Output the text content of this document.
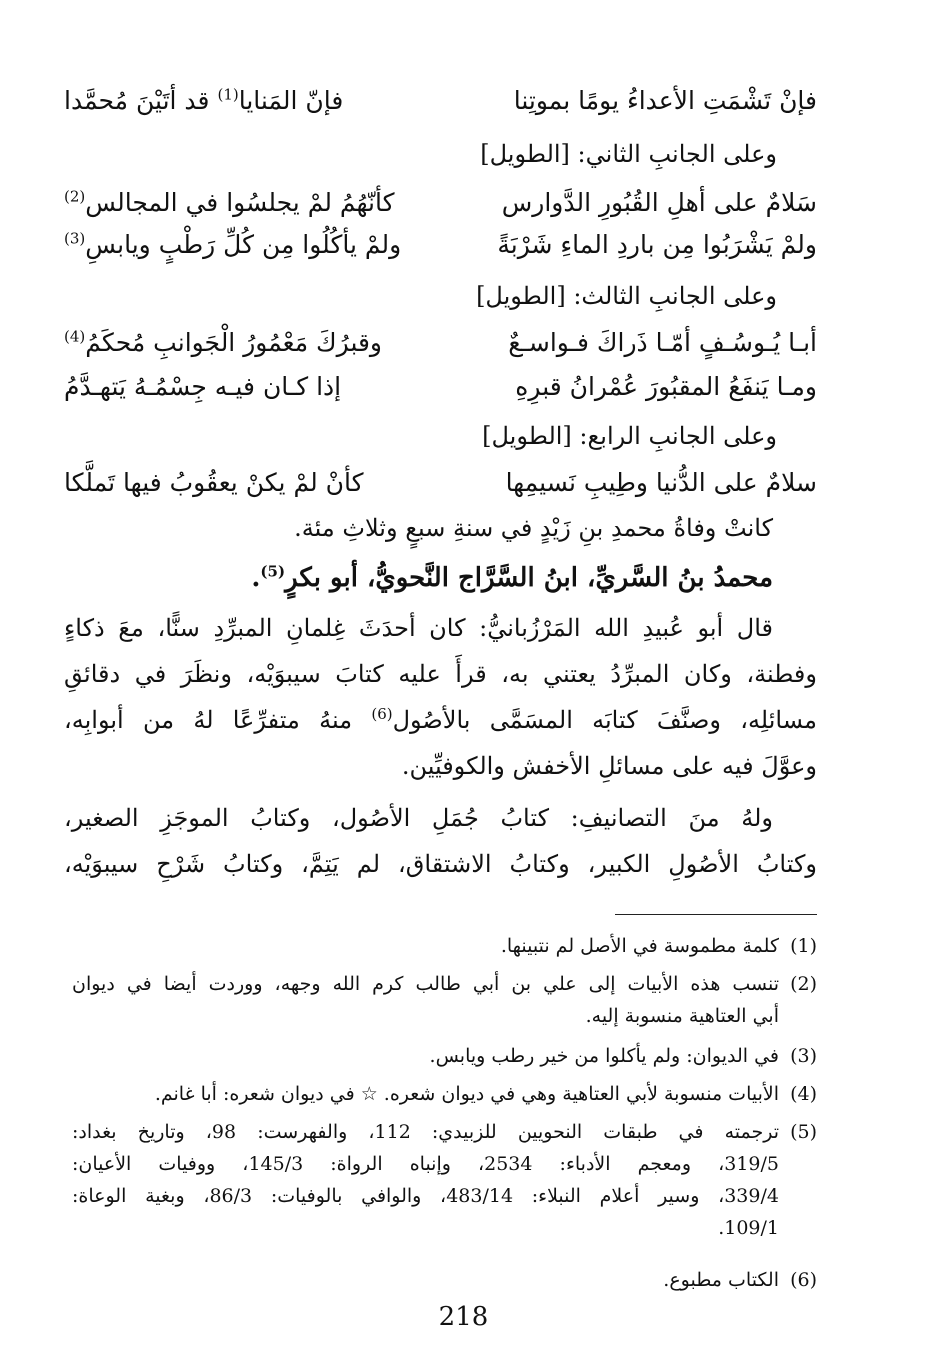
فإنْ تَشْمَتِ الأعداءُ يومًا بموتِنا
فإنّ المَنايا$^{(1)}$ قد أتَيْنَ مُحمَّدا
وعلى الجانبِ الثاني: [الطويل]
سَلامٌ على أهلِ القُبُورِ الدَّوارس
كأنّهُمُ لمْ يجلسُوا في المجالس$^{(2)}$
ولمْ يَشْرَبُوا مِن باردِ الماءِ شَرْبَةً
ولمْ يأكُلُوا مِن كُلِّ رَطْبٍ ويابسِ$^{(3)}$
وعلى الجانبِ الثالث: [الطويل]
أبـا يُـوسُـفٍ أمّـا ذَراكَ فـواسـعٌ
وقبرُكَ مَعْمُورُ الْجَوانبِ مُحكَمُ$^{(4)}$
ومـا يَنفَعُ المقبُورَ عُمْرانُ قبرِهِ
إذا كـان فيـه جِسْمُـهُ يَتهـدَّمُ
وعلى الجانبِ الرابع: [الطويل]
سلامٌ على الدُّنيا وطِيبِ نَسيمِها
كأنْ لمْ يكنْ يعقُوبُ فيها تَملَّكا
كانتْ وفاةُ محمدِ بنِ زَيْدٍ في سنةِ سبعٍ وثلاثِ مئة.
محمدُ بنُ السَّريِّ، ابنُ السَّرَّاج النَّحويُّ، أبو بكرٍ$^{(5)}$.
قال أبو عُبيدِ الله المَرْزُبانيُّ: كان أحدَثَ غِلمانِ المبرِّدِ سنًّا، معَ ذكاءٍ
وفطنة، وكان المبرِّدُ يعتني به، قرأَ عليه كتابَ سيبوَيْه، ونظَرَ في دقائقِ
مسائلِه، وصنَّفَ كتابَه المسَمَّى بالأصُول$^{(6)}$ منهُ متفرِّعًا لهُ من أبوابِه،
وعوَّلَ فيه على مسائلِ الأخفش والكوفيِّين.
ولهُ منَ التصانيفِ: كتابُ جُمَلِ الأصُول، وكتابُ الموجَزِ الصغير،
وكتابُ الأصُولِ الكبير، وكتابُ الاشتقاق، لم يَتِمَّ، وكتابُ شَرْحِ سيبوَيْه،
(1)
كلمة مطموسة في الأصل لم نتبينها.
(2)
تنسب هذه الأبيات إلى علي بن أبي طالب كرم الله وجهه، ووردت أيضا في ديوان
أبي العتاهية منسوبة إليه.
(3)
في الديوان: ولم يأكلوا من خير رطب ويابس.
(4)
الأبيات منسوبة لأبي العتاهية وهي في ديوان شعره. ☆ في ديوان شعره: أبا غانم.
(5)
ترجمته في طبقات النحويين للزبيدي: 112، والفهرست: 98، وتاريخ بغداد:
319/5، ومعجم الأدباء: 2534، وإنباه الرواة: 145/3، ووفيات الأعيان:
339/4، وسير أعلام النبلاء: 483/14، والوافي بالوفيات: 86/3، وبغية الوعاة:
109/1.
(6)
الكتاب مطبوع.
218
